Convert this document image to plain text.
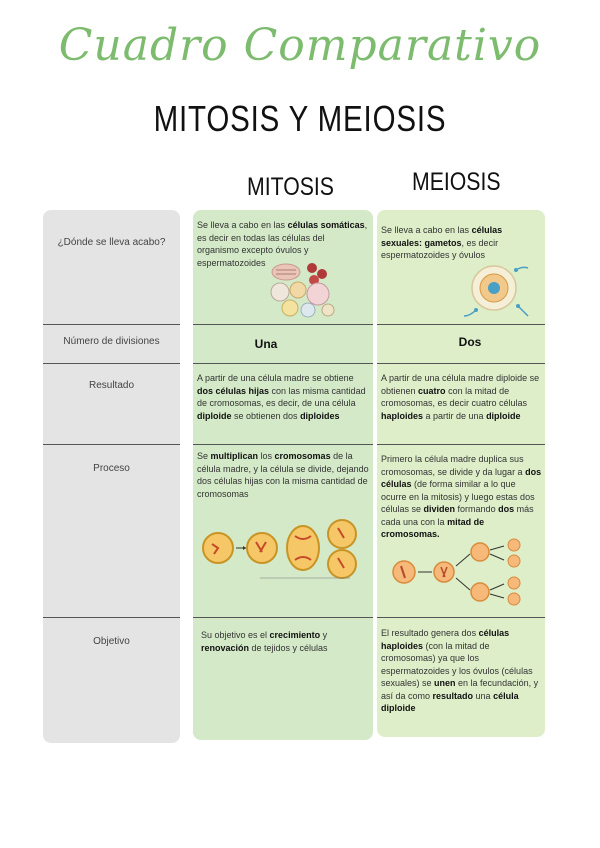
Cuadro Comparativo
MITOSIS Y MEIOSIS
MITOSIS	MEIOSIS
¿Dónde se lleva acabo?
Número de divisiones
Resultado
Proceso
Objetivo
Se lleva a cabo en las células somáticas, es decir en todas las células del organismo excepto óvulos y espermatozoides
Se lleva a cabo en las células sexuales: gametos, es decir espermatozoides y óvulos
Una	Dos
A partir de una célula madre se obtiene dos células hijas con las misma cantidad de cromosomas, es decir, de una célula diploide se obtienen dos diploides
A partir de una célula madre diploide se obtienen cuatro con la mitad de cromosomas, es decir cuatro células haploides a partir de una diploide
Se multiplican los cromosomas de la célula madre, y la célula se divide, dejando dos células hijas con la misma cantidad de cromosomas
Primero la célula madre duplica sus cromosomas, se divide y da lugar a dos células (de forma similar a lo que ocurre en la mitosis) y luego estas dos células se dividen formando dos más cada una con la mitad de cromosomas.
Su objetivo es el crecimiento y renovación de tejidos y células
El resultado genera dos células haploides (con la mitad de cromosomas) ya que los espermatozoides y los óvulos (células sexuales) se unen en la fecundación, y así da como resultado una célula diploide
